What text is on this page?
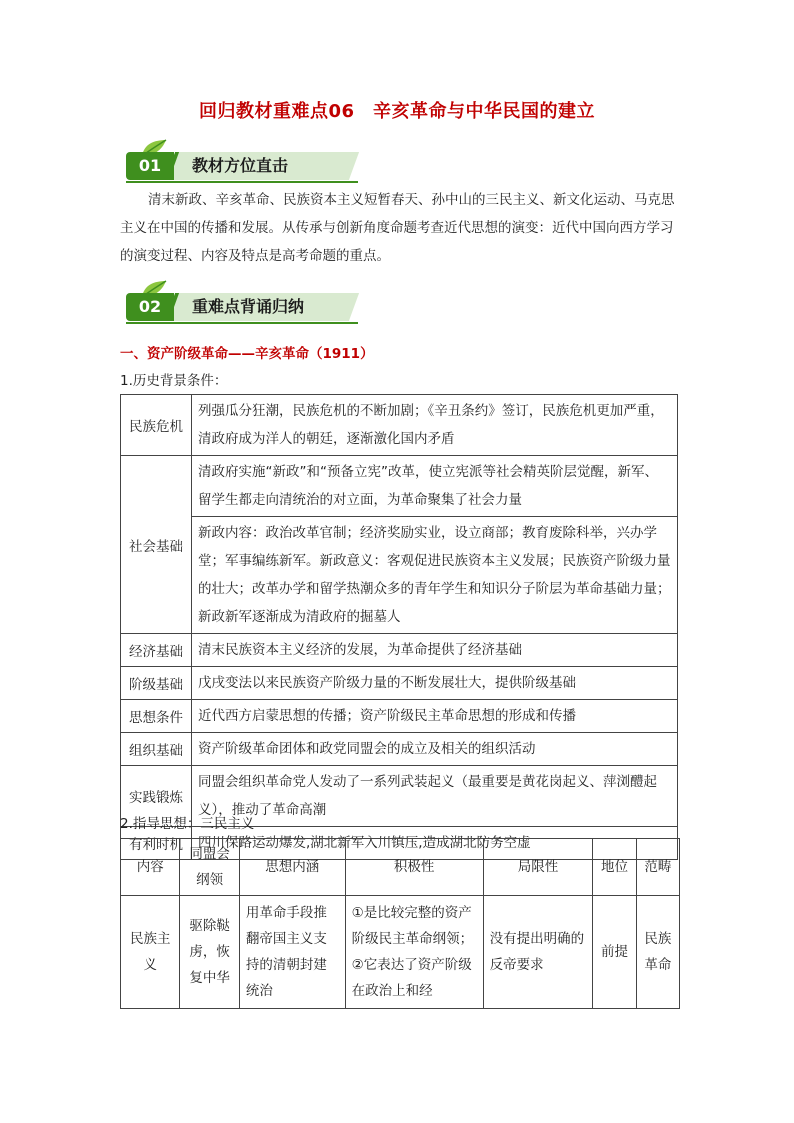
回归教材重难点06　辛亥革命与中华民国的建立
01	教材方位直击

清末新政、辛亥革命、民族资本主义短暂春天、孙中山的三民主义、新文化运动、马克思主义在中国的传播和发展。从传承与创新角度命题考查近代思想的演变：近代中国向西方学习的演变过程、内容及特点是高考命题的重点。

02	重难点背诵归纳
一、资产阶级革命——辛亥革命（1911）
1.历史背景条件：
民族危机	列强瓜分狂潮，民族危机的不断加剧；《辛丑条约》签订，民族危机更加严重，清政府成为洋人的朝廷，逐渐激化国内矛盾
社会基础	清政府实施“新政”和“预备立宪”改革，使立宪派等社会精英阶层觉醒，新军、留学生都走向清统治的对立面，为革命聚集了社会力量
	新政内容：政治改革官制；经济奖励实业，设立商部；教育废除科举，兴办学堂；军事编练新军。新政意义：客观促进民族资本主义发展；民族资产阶级力量的壮大；改革办学和留学热潮众多的青年学生和知识分子阶层为革命基础力量；新政新军逐渐成为清政府的掘墓人
经济基础	清末民族资本主义经济的发展，为革命提供了经济基础
阶级基础	戊戌变法以来民族资产阶级力量的不断发展壮大，提供阶级基础
思想条件	近代西方启蒙思想的传播；资产阶级民主革命思想的形成和传播
组织基础	资产阶级革命团体和政党同盟会的成立及相关的组织活动
实践锻炼	同盟会组织革命党人发动了一系列武装起义（最重要是黄花岗起义、萍浏醴起义），推动了革命高潮
有利时机	四川保路运动爆发,湖北新军入川镇压,造成湖北防务空虚
2.指导思想：三民主义
内容	同盟会纲领	思想内涵	积极性	局限性	地位	范畴
民族主义	驱除鞑虏，恢复中华	用革命手段推翻帝国主义支持的清朝封建统治	①是比较完整的资产阶级民主革命纲领；②它表达了资产阶级在政治上和经	没有提出明确的反帝要求	前提	民族革命
